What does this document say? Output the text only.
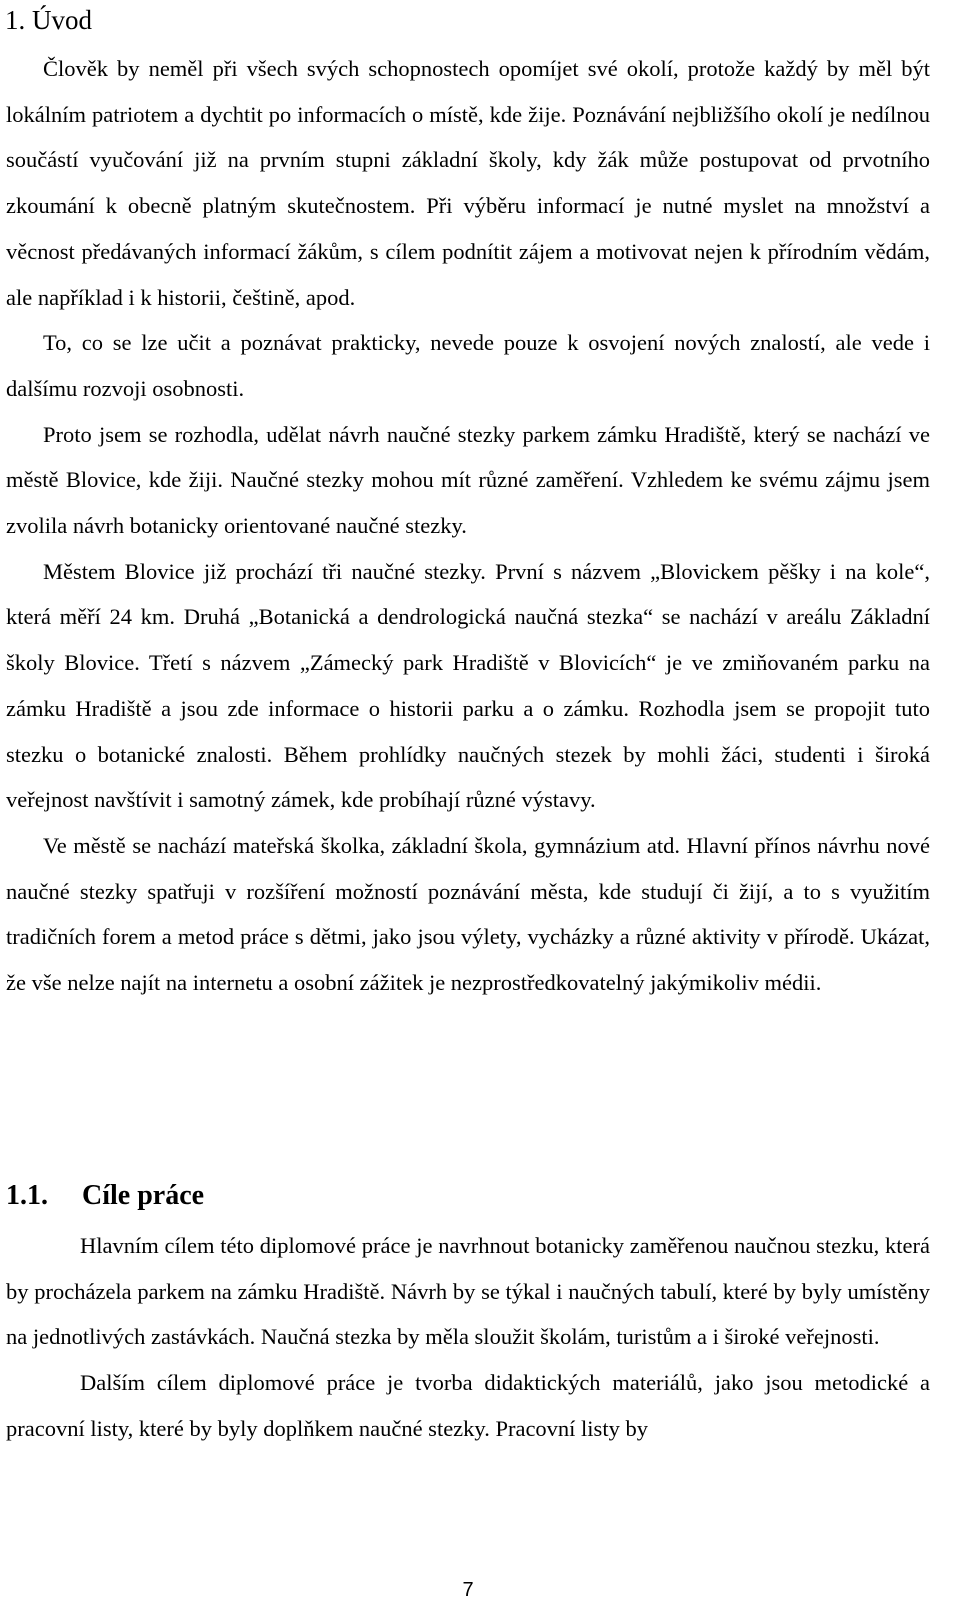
1. Úvod

Člověk by neměl při všech svých schopnostech opomíjet své okolí, protože každý by měl být lokálním patriotem a dychtit po informacích o místě, kde žije. Poznávání nejbližšího okolí je nedílnou součástí vyučování již na prvním stupni základní školy, kdy žák může postupovat od prvotního zkoumání k obecně platným skutečnostem. Při výběru informací je nutné myslet na množství a věcnost předávaných informací žákům, s cílem podnítit zájem a motivovat nejen k přírodním vědám, ale například i k historii, češtině, apod.

To, co se lze učit a poznávat prakticky, nevede pouze k osvojení nových znalostí, ale vede i dalšímu rozvoji osobnosti.

Proto jsem se rozhodla, udělat návrh naučné stezky parkem zámku Hradiště, který se nachází ve městě Blovice, kde žiji. Naučné stezky mohou mít různé zaměření. Vzhledem ke svému zájmu jsem zvolila návrh botanicky orientované naučné stezky.

Městem Blovice již prochází tři naučné stezky. První s názvem „Blovickem pěšky i na kole“, která měří 24 km. Druhá „Botanická a dendrologická naučná stezka“ se nachází v areálu Základní školy Blovice. Třetí s názvem „Zámecký park Hradiště v Blovicích“ je ve zmiňovaném parku na zámku Hradiště a jsou zde informace o historii parku a o zámku. Rozhodla jsem se propojit tuto stezku o botanické znalosti. Během prohlídky naučných stezek by mohli žáci, studenti i široká veřejnost navštívit i samotný zámek, kde probíhají různé výstavy.

Ve městě se nachází mateřská školka, základní škola, gymnázium atd. Hlavní přínos návrhu nové naučné stezky spatřuji v rozšíření možností poznávání města, kde studují či žijí, a to s využitím tradičních forem a metod práce s dětmi, jako jsou výlety, vycházky a různé aktivity v přírodě. Ukázat, že vše nelze najít na internetu a osobní zážitek je nezprostředkovatelný jakýmikoliv médii.

1.1. Cíle práce

Hlavním cílem této diplomové práce je navrhnout botanicky zaměřenou naučnou stezku, která by procházela parkem na zámku Hradiště. Návrh by se týkal i naučných tabulí, které by byly umístěny na jednotlivých zastávkách. Naučná stezka by měla sloužit školám, turistům a i široké veřejnosti.

Dalším cílem diplomové práce je tvorba didaktických materiálů, jako jsou metodické a pracovní listy, které by byly doplňkem naučné stezky. Pracovní listy by

7
